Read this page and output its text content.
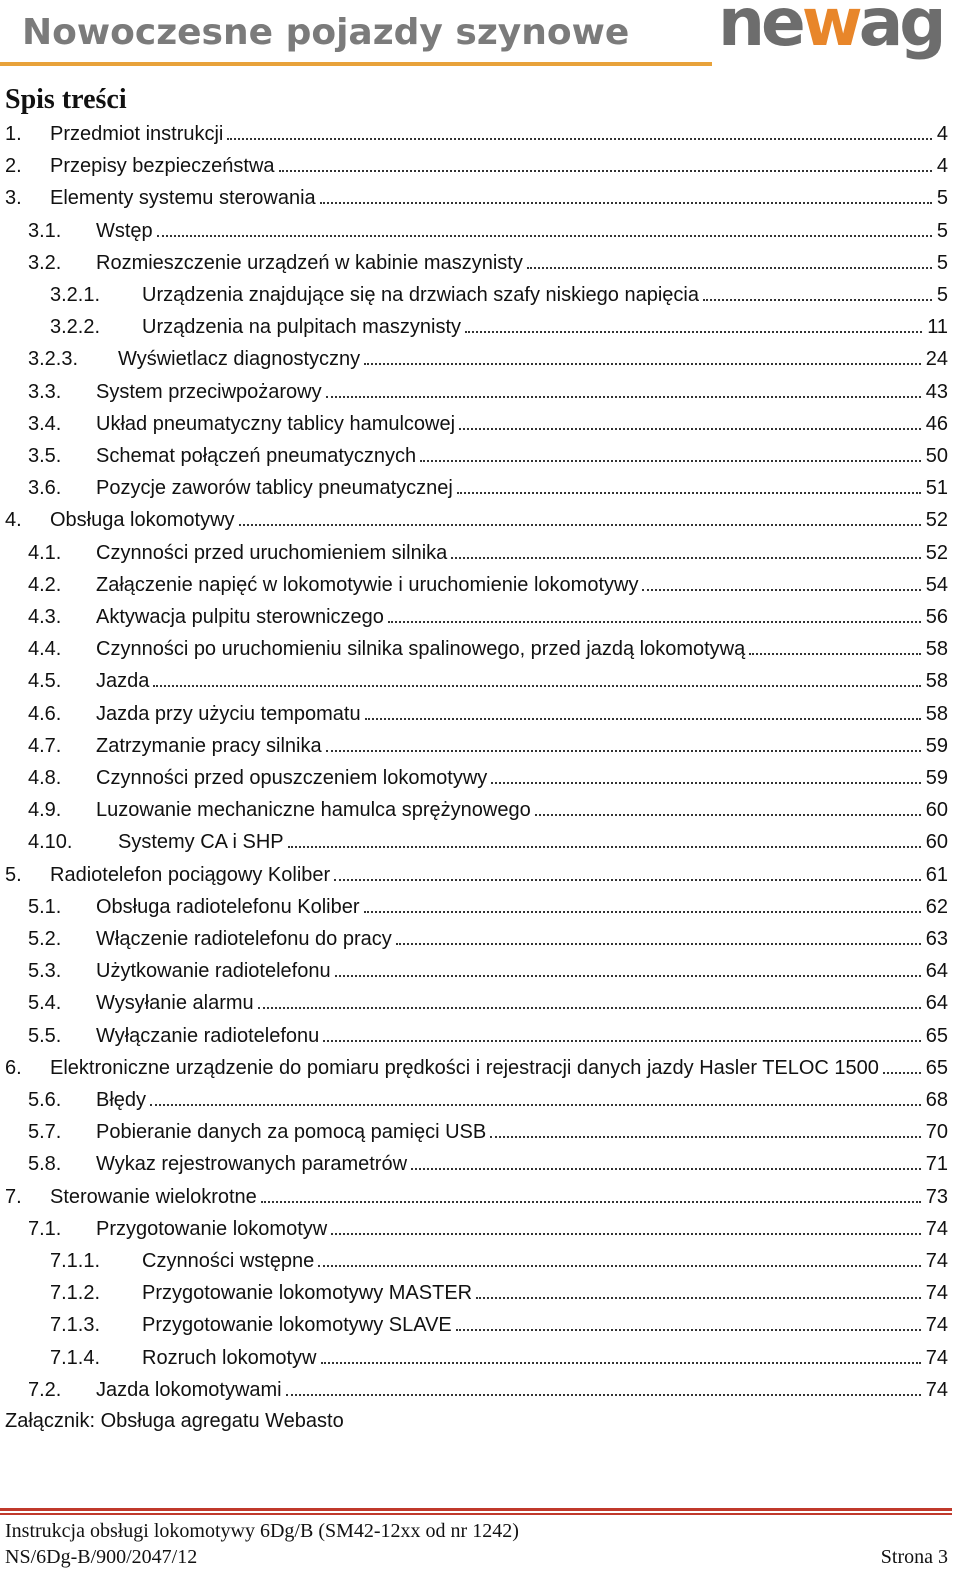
Nowoczesne pojazdy szynowe newag
Spis treści
1.	Przedmiot instrukcji	4
2.	Przepisy bezpieczeństwa	4
3.	Elementy systemu sterowania	5
3.1.	Wstęp	5
3.2.	Rozmieszczenie urządzeń w kabinie maszynisty	5
3.2.1.	Urządzenia znajdujące się na drzwiach szafy niskiego napięcia	5
3.2.2.	Urządzenia na pulpitach maszynisty	11
3.2.3.	Wyświetlacz diagnostyczny	24
3.3.	System przeciwpożarowy	43
3.4.	Układ pneumatyczny tablicy hamulcowej	46
3.5.	Schemat połączeń pneumatycznych	50
3.6.	Pozycje zaworów tablicy pneumatycznej	51
4.	Obsługa lokomotywy	52
4.1.	Czynności przed uruchomieniem silnika	52
4.2.	Załączenie napięć w lokomotywie i uruchomienie lokomotywy	54
4.3.	Aktywacja pulpitu sterowniczego	56
4.4.	Czynności po uruchomieniu silnika spalinowego, przed jazdą lokomotywą	58
4.5.	Jazda	58
4.6.	Jazda przy użyciu tempomatu	58
4.7.	Zatrzymanie pracy silnika	59
4.8.	Czynności przed opuszczeniem lokomotywy	59
4.9.	Luzowanie mechaniczne hamulca sprężynowego	60
4.10.	Systemy CA i SHP	60
5.	Radiotelefon pociągowy Koliber	61
5.1.	Obsługa radiotelefonu Koliber	62
5.2.	Włączenie radiotelefonu do pracy	63
5.3.	Użytkowanie radiotelefonu	64
5.4.	Wysyłanie alarmu	64
5.5.	Wyłączanie radiotelefonu	65
6.	Elektroniczne urządzenie do pomiaru prędkości i rejestracji danych jazdy Hasler TELOC 1500 65
5.6.	Błędy	68
5.7.	Pobieranie danych za pomocą pamięci USB	70
5.8.	Wykaz rejestrowanych parametrów	71
7.	Sterowanie wielokrotne	73
7.1.	Przygotowanie lokomotyw	74
7.1.1.	Czynności wstępne	74
7.1.2.	Przygotowanie lokomotywy MASTER	74
7.1.3.	Przygotowanie lokomotywy SLAVE	74
7.1.4.	Rozruch lokomotyw	74
7.2.	Jazda lokomotywami	74
Załącznik: Obsługa agregatu Webasto
Instrukcja obsługi lokomotywy 6Dg/B (SM42-12xx od nr 1242)
NS/6Dg-B/900/2047/12	Strona 3
